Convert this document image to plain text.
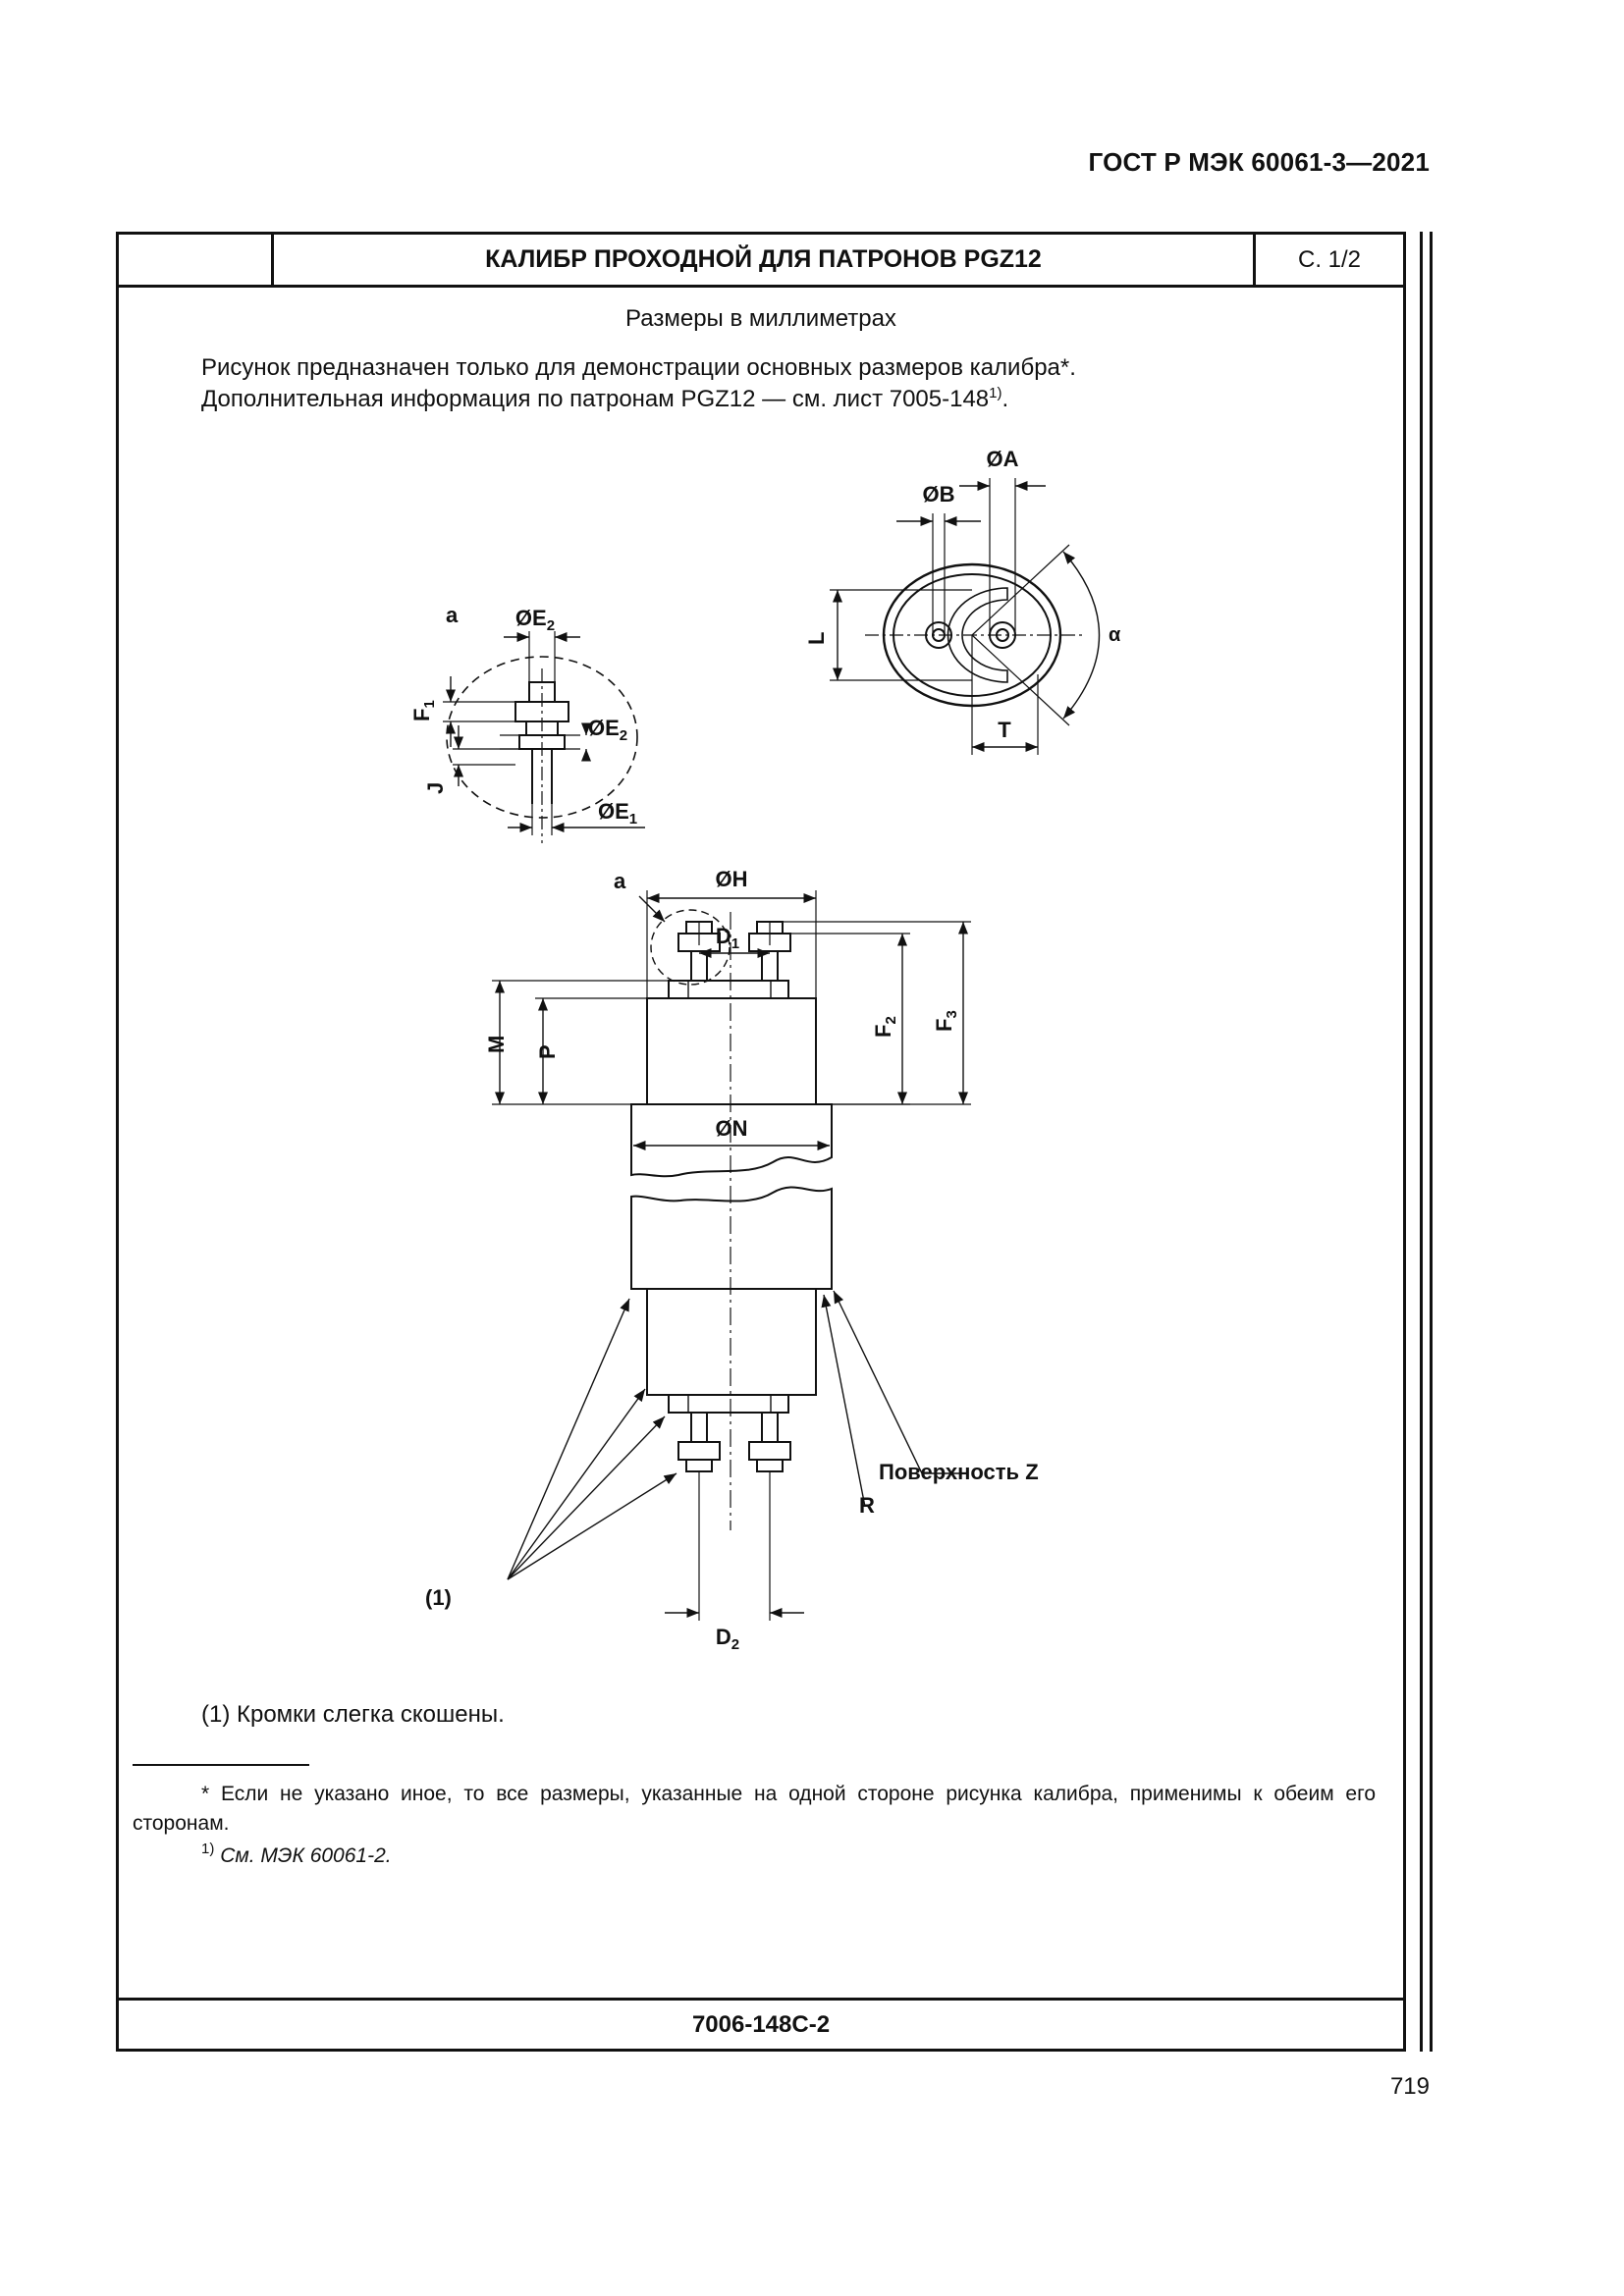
ГОСТ Р МЭК 60061-3—2021
КАЛИБР ПРОХОДНОЙ ДЛЯ ПАТРОНОВ PGZ12	С. 1/2
Размеры в миллиметрах
Рисунок предназначен только для демонстрации основных размеров калибра*.
Дополнительная информация по патронам PGZ12 — см. лист 7005-148$^{1)}$.
a	$ØE_2$
$ØE_2$
$ØE_1$
$F_1$
J
ØA
ØB
L
T
α
ØH
$D_1$
a
M P
$F_2$ $F_3$
ØN
Поверхность Z
R
(1)
$D_2$
(1) Кромки слегка скошены.
* Если не указано иное, то все размеры, указанные на одной стороне рисунка калибра, применимы к обеим его сторонам.
$^{1)}$ См. МЭК 60061-2.
7006-148С-2
719
